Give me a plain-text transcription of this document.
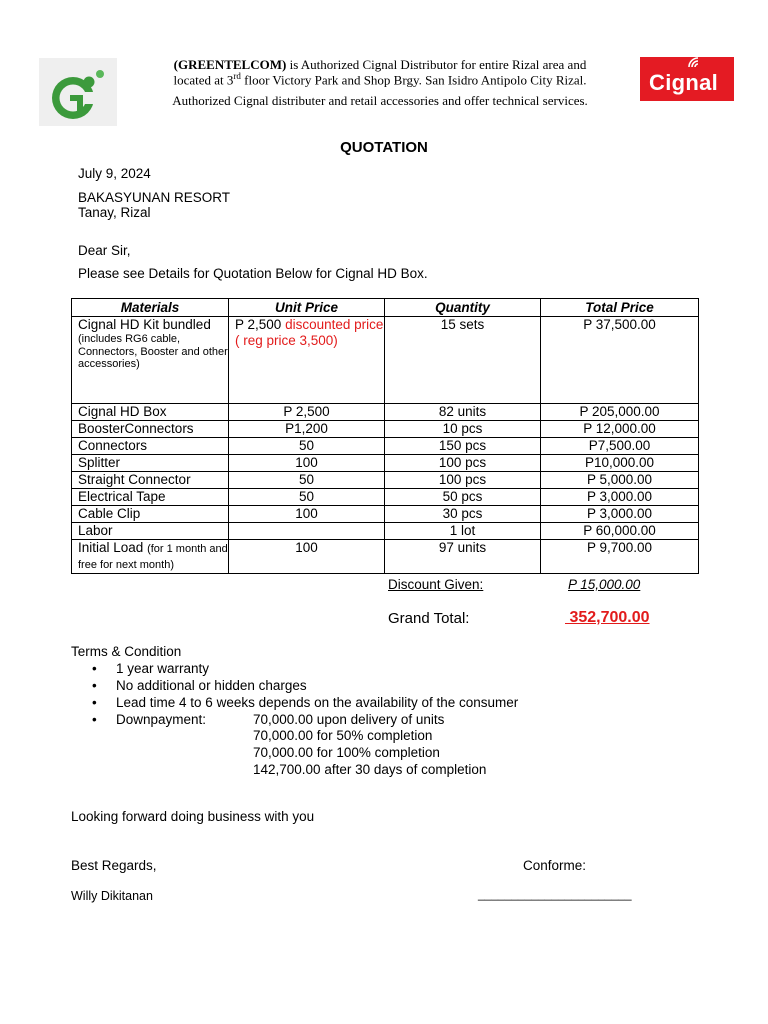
Cignal
(GREENTELCOM) is Authorized Cignal Distributor for entire Rizal area and
located at 3rd floor Victory Park and Shop Brgy. San Isidro Antipolo City Rizal.
Authorized Cignal distributer and retail accessories and offer technical services.
QUOTATION
July 9, 2024
BAKASYUNAN RESORT
Tanay, Rizal
Dear Sir,
Please see Details for Quotation Below for Cignal HD Box.
Materials	Unit Price	Quantity	Total Price

Cignal HD Kit bundled
(includes RG6 cable, Connectors, Booster and other accessories)	P 2,500 discounted price ( reg price 3,500)	15 sets	P 37,500.00
Cignal HD Box	P 2,500	82 units	P 205,000.00
BoosterConnectors	P1,200	10 pcs	P 12,000.00
Connectors	50	150 pcs	P7,500.00
Splitter	100	100 pcs	P10,000.00
Straight Connector	50	100 pcs	P 5,000.00
Electrical Tape	50	50 pcs	P 3,000.00
Cable Clip	100	30 pcs	P 3,000.00
Labor		1 lot	P 60,000.00
Initial Load (for 1 month and free for next month)	100	97 units	P 9,700.00
Discount Given:	P 15,000.00
Grand Total:	352,700.00
Terms & Condition
• 1 year warranty
• No additional or hidden charges
• Lead time 4 to 6 weeks depends on the availability of the consumer
• Downpayment:	70,000.00 upon delivery of units
70,000.00 for 50% completion
70,000.00 for 100% completion
142,700.00 after 30 days of completion
Looking forward doing business with you
Best Regards,	Conforme:
Willy Dikitanan	_______________________
